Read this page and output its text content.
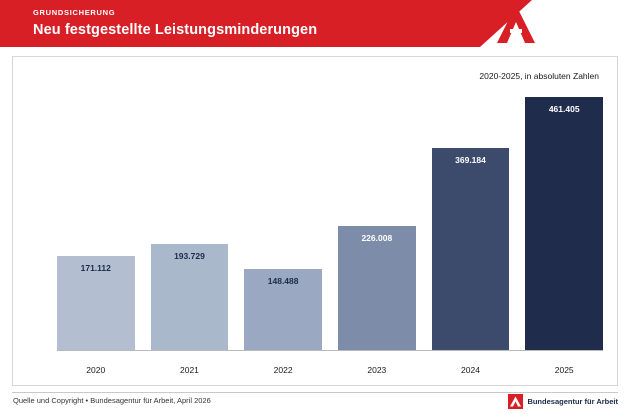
GRUNDSICHERUNG
Neu festgestellte Leistungsminderungen
2020-2025, in absoluten Zahlen
171.112
193.729
148.488
226.008
369.184
461.405
2020	2021	2022	2023	2024	2025
Quelle und Copyright • Bundesagentur für Arbeit, April 2026	Bundesagentur für Arbeit
